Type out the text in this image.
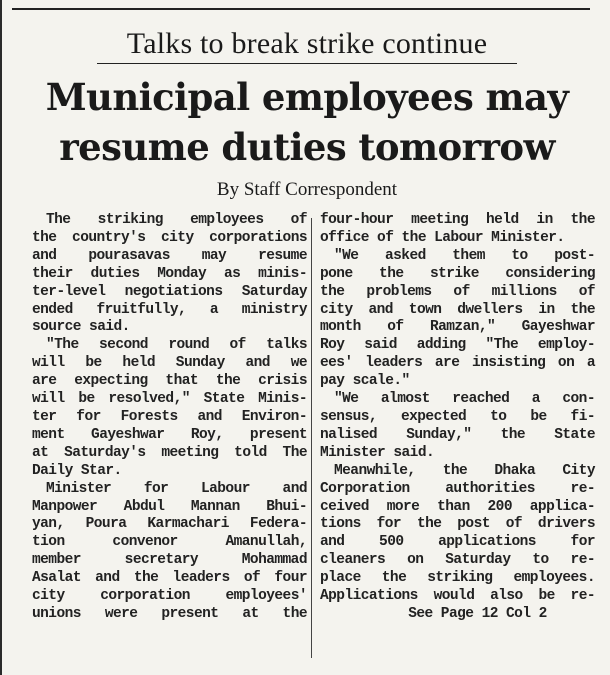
Talks to break strike continue
Municipal employees may
resume duties tomorrow
By Staff Correspondent
The striking employees of
the country's city corporations
and pourasavas may resume
their duties Monday as minis-
ter-level negotiations Saturday
ended fruitfully, a ministry
source said.
"The second round of talks
will be held Sunday and we
are expecting that the crisis
will be resolved," State Minis-
ter for Forests and Environ-
ment Gayeshwar Roy, present
at Saturday's meeting told The
Daily Star.
Minister for Labour and
Manpower Abdul Mannan Bhui-
yan, Poura Karmachari Federa-
tion convenor Amanullah,
member secretary Mohammad
Asalat and the leaders of four
city corporation employees'
unions were present at the
four-hour meeting held in the
office of the Labour Minister.
"We asked them to post-
pone the strike considering
the problems of millions of
city and town dwellers in the
month of Ramzan," Gayeshwar
Roy said adding "The employ-
ees' leaders are insisting on a
pay scale."
"We almost reached a con-
sensus, expected to be fi-
nalised Sunday," the State
Minister said.
Meanwhile, the Dhaka City
Corporation authorities re-
ceived more than 200 applica-
tions for the post of drivers
and 500 applications for
cleaners on Saturday to re-
place the striking employees.
Applications would also be re-
See Page 12 Col 2
